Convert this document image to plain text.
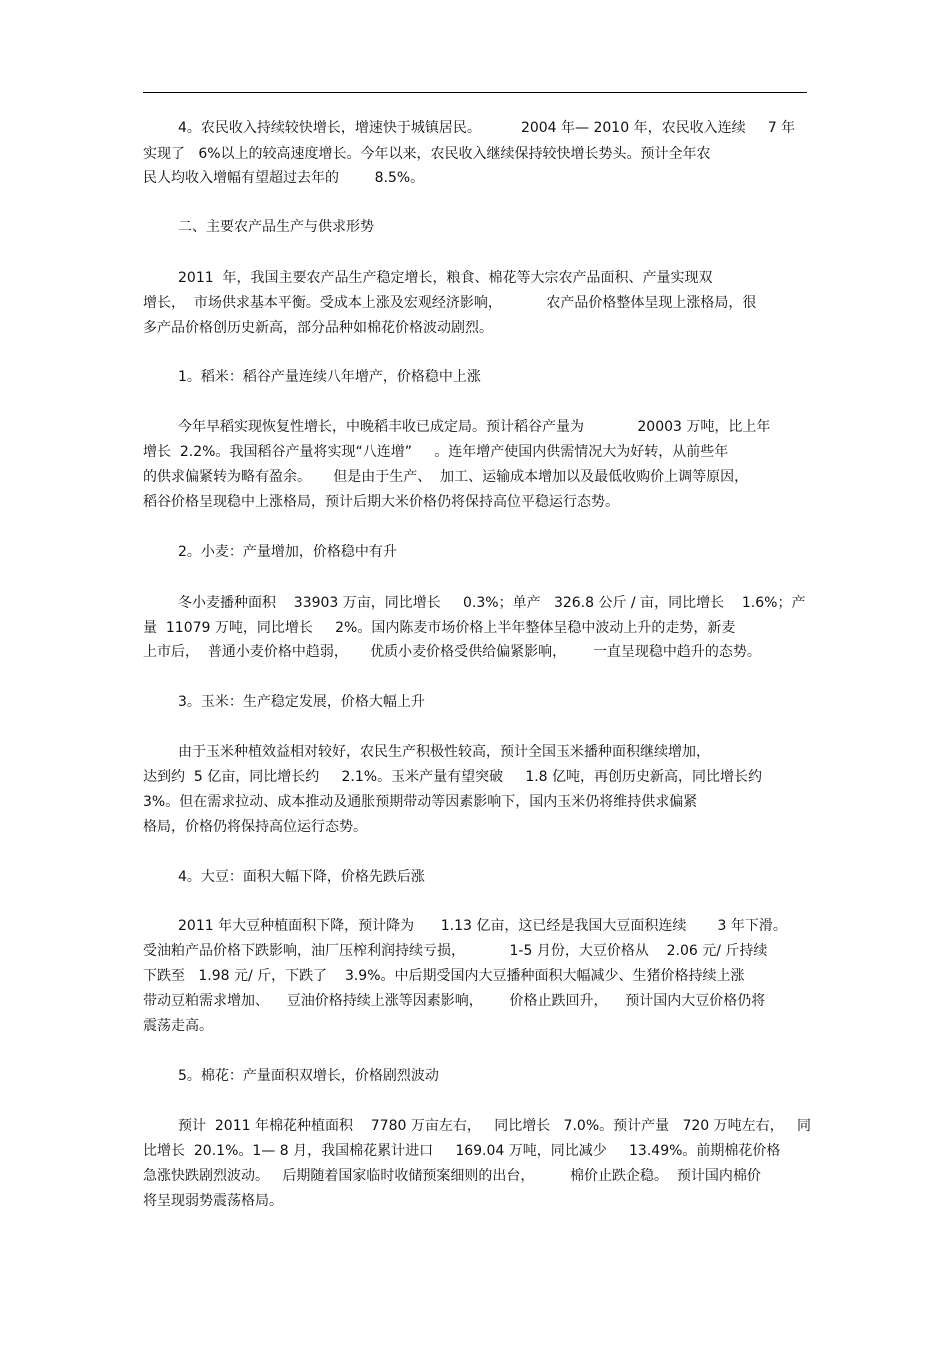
4。农民收入持续较快增长，增速快于城镇居民。         2004 年— 2010 年，农民收入连续     7 年
实现了   6%以上的较高速度增长。今年以来，农民收入继续保持较快增长势头。预计全年农
民人均收入增幅有望超过去年的        8.5%。
二、主要农产品生产与供求形势
2011  年，我国主要农产品生产稳定增长，粮食、棉花等大宗农产品面积、产量实现双
增长，  市场供求基本平衡。受成本上涨及宏观经济影响，          农产品价格整体呈现上涨格局，很
多产品价格创历史新高，部分品种如棉花价格波动剧烈。
1。稻米：稻谷产量连续八年增产，价格稳中上涨
今年早稻实现恢复性增长，中晚稻丰收已成定局。预计稻谷产量为            20003 万吨，比上年
增长  2.2%。我国稻谷产量将实现“八连增”     。连年增产使国内供需情况大为好转，从前些年
的供求偏紧转为略有盈余。     但是由于生产、  加工、运输成本增加以及最低收购价上调等原因，
稻谷价格呈现稳中上涨格局，预计后期大米价格仍将保持高位平稳运行态势。
2。小麦：产量增加，价格稳中有升
冬小麦播种面积    33903 万亩，同比增长     0.3%；单产   326.8 公斤 / 亩，同比增长    1.6%；产
量  11079 万吨，同比增长     2%。国内陈麦市场价格上半年整体呈稳中波动上升的走势，新麦
上市后，  普通小麦价格中趋弱，     优质小麦价格受供给偏紧影响，      一直呈现稳中趋升的态势。
3。玉米：生产稳定发展，价格大幅上升
由于玉米种植效益相对较好，农民生产积极性较高，预计全国玉米播种面积继续增加，
达到约  5 亿亩，同比增长约     2.1%。玉米产量有望突破     1.8 亿吨，再创历史新高，同比增长约
3%。但在需求拉动、成本推动及通胀预期带动等因素影响下，国内玉米仍将维持供求偏紧
格局，价格仍将保持高位运行态势。
4。大豆：面积大幅下降，价格先跌后涨
2011 年大豆种植面积下降，预计降为      1.13 亿亩，这已经是我国大豆面积连续       3 年下滑。
受油粕产品价格下跌影响，油厂压榨利润持续亏损，          1-5 月份，大豆价格从    2.06 元/ 斤持续
下跌至   1.98 元/ 斤，下跌了    3.9%。中后期受国内大豆播种面积大幅减少、生猪价格持续上涨
带动豆粕需求增加、    豆油价格持续上涨等因素影响，      价格止跌回升，    预计国内大豆价格仍将
震荡走高。
5。棉花：产量面积双增长，价格剧烈波动
预计  2011 年棉花种植面积    7780 万亩左右，   同比增长   7.0%。预计产量   720 万吨左右，   同
比增长  20.1%。1— 8 月，我国棉花累计进口     169.04 万吨，同比减少     13.49%。前期棉花价格
急涨快跌剧烈波动。   后期随着国家临时收储预案细则的出台，        棉价止跌企稳。  预计国内棉价
将呈现弱势震荡格局。
